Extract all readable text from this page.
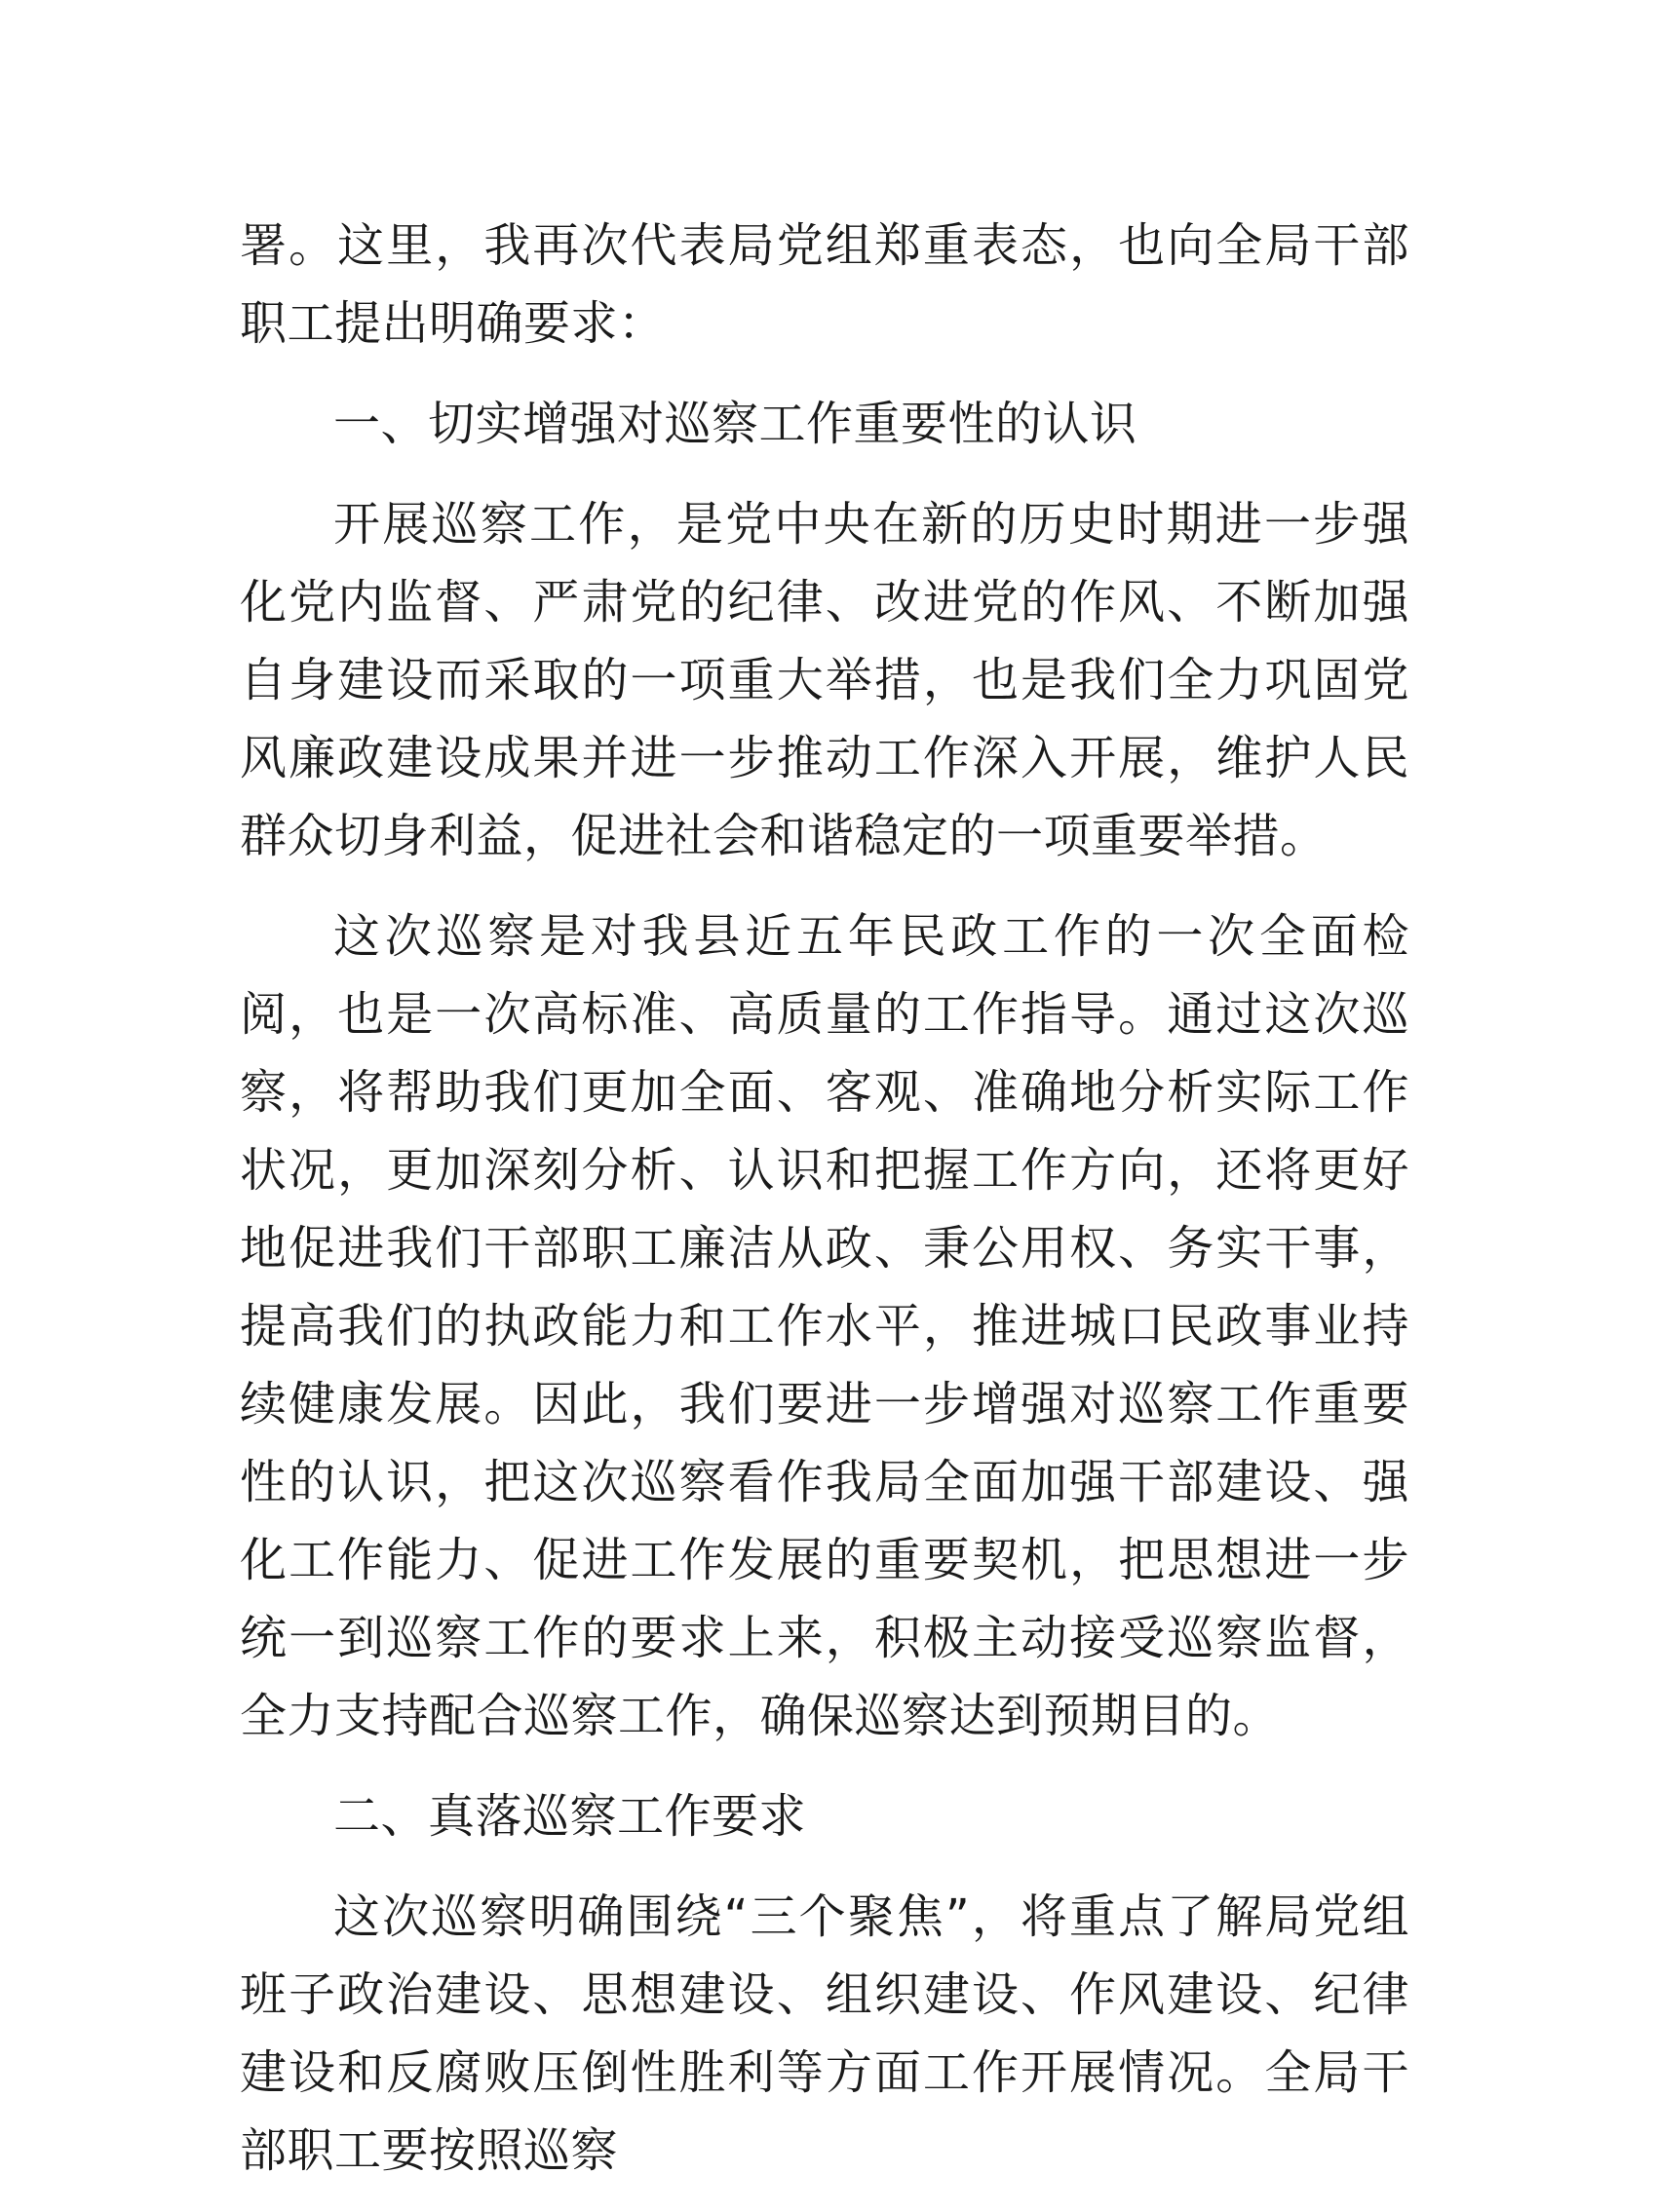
署。这里，我再次代表局党组郑重表态，也向全局干部职工提出明确要求：

一、切实增强对巡察工作重要性的认识

开展巡察工作，是党中央在新的历史时期进一步强化党内监督、严肃党的纪律、改进党的作风、不断加强自身建设而采取的一项重大举措，也是我们全力巩固党风廉政建设成果并进一步推动工作深入开展，维护人民群众切身利益，促进社会和谐稳定的一项重要举措。

这次巡察是对我县近五年民政工作的一次全面检阅，也是一次高标准、高质量的工作指导。通过这次巡察，将帮助我们更加全面、客观、准确地分析实际工作状况，更加深刻分析、认识和把握工作方向，还将更好地促进我们干部职工廉洁从政、秉公用权、务实干事，提高我们的执政能力和工作水平，推进城口民政事业持续健康发展。因此，我们要进一步增强对巡察工作重要性的认识，把这次巡察看作我局全面加强干部建设、强化工作能力、促进工作发展的重要契机，把思想进一步统一到巡察工作的要求上来，积极主动接受巡察监督，全力支持配合巡察工作，确保巡察达到预期目的。

二、真落巡察工作要求

这次巡察明确围绕“三个聚焦”，将重点了解局党组班子政治建设、思想建设、组织建设、作风建设、纪律建设和反腐败压倒性胜利等方面工作开展情况。全局干部职工要按照巡察
